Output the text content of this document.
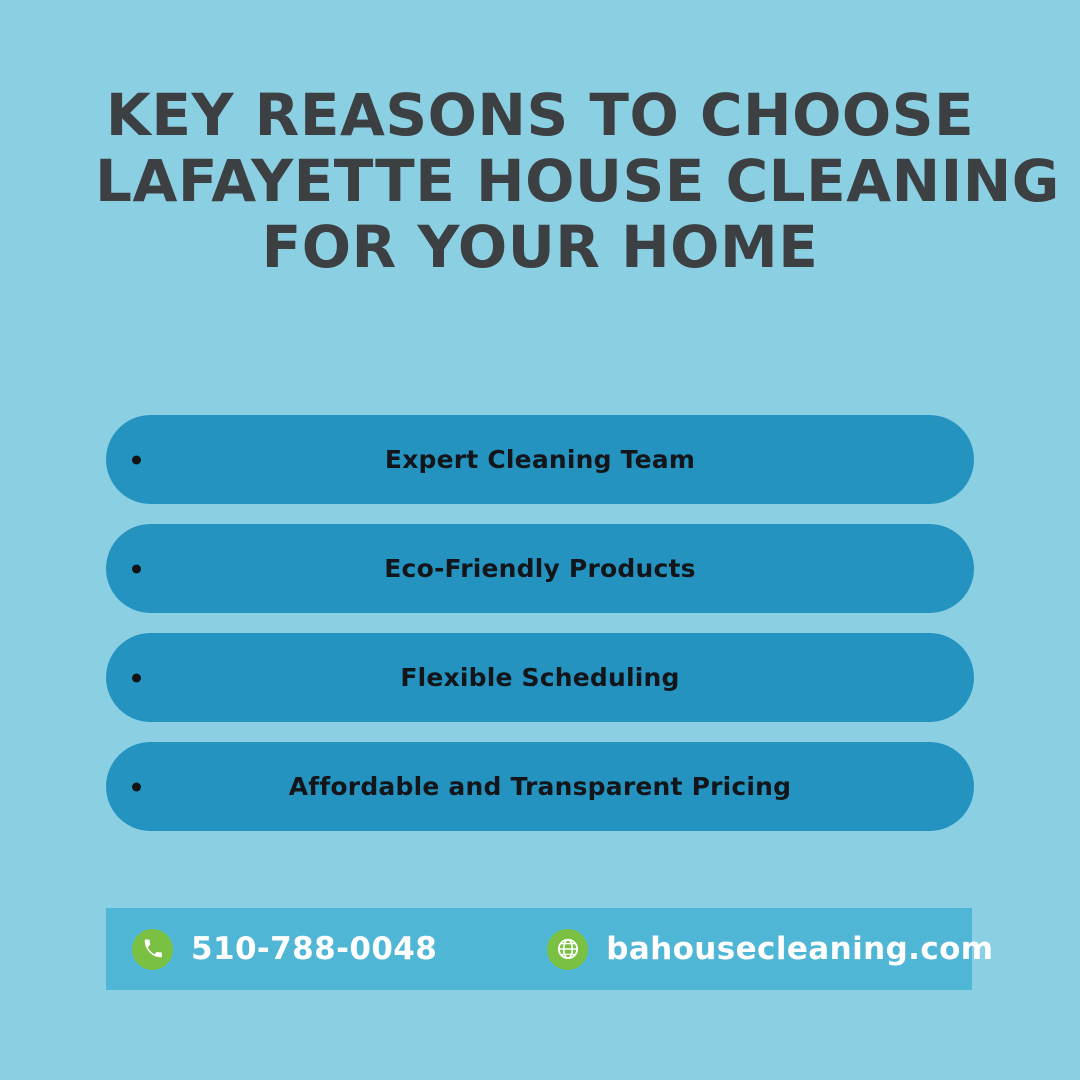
KEY REASONS TO CHOOSE
LAFAYETTE HOUSE CLEANING
FOR YOUR HOME
Expert Cleaning Team
Eco-Friendly Products
Flexible Scheduling
Affordable and Transparent Pricing
510-788-0048	bahousecleaning.com
